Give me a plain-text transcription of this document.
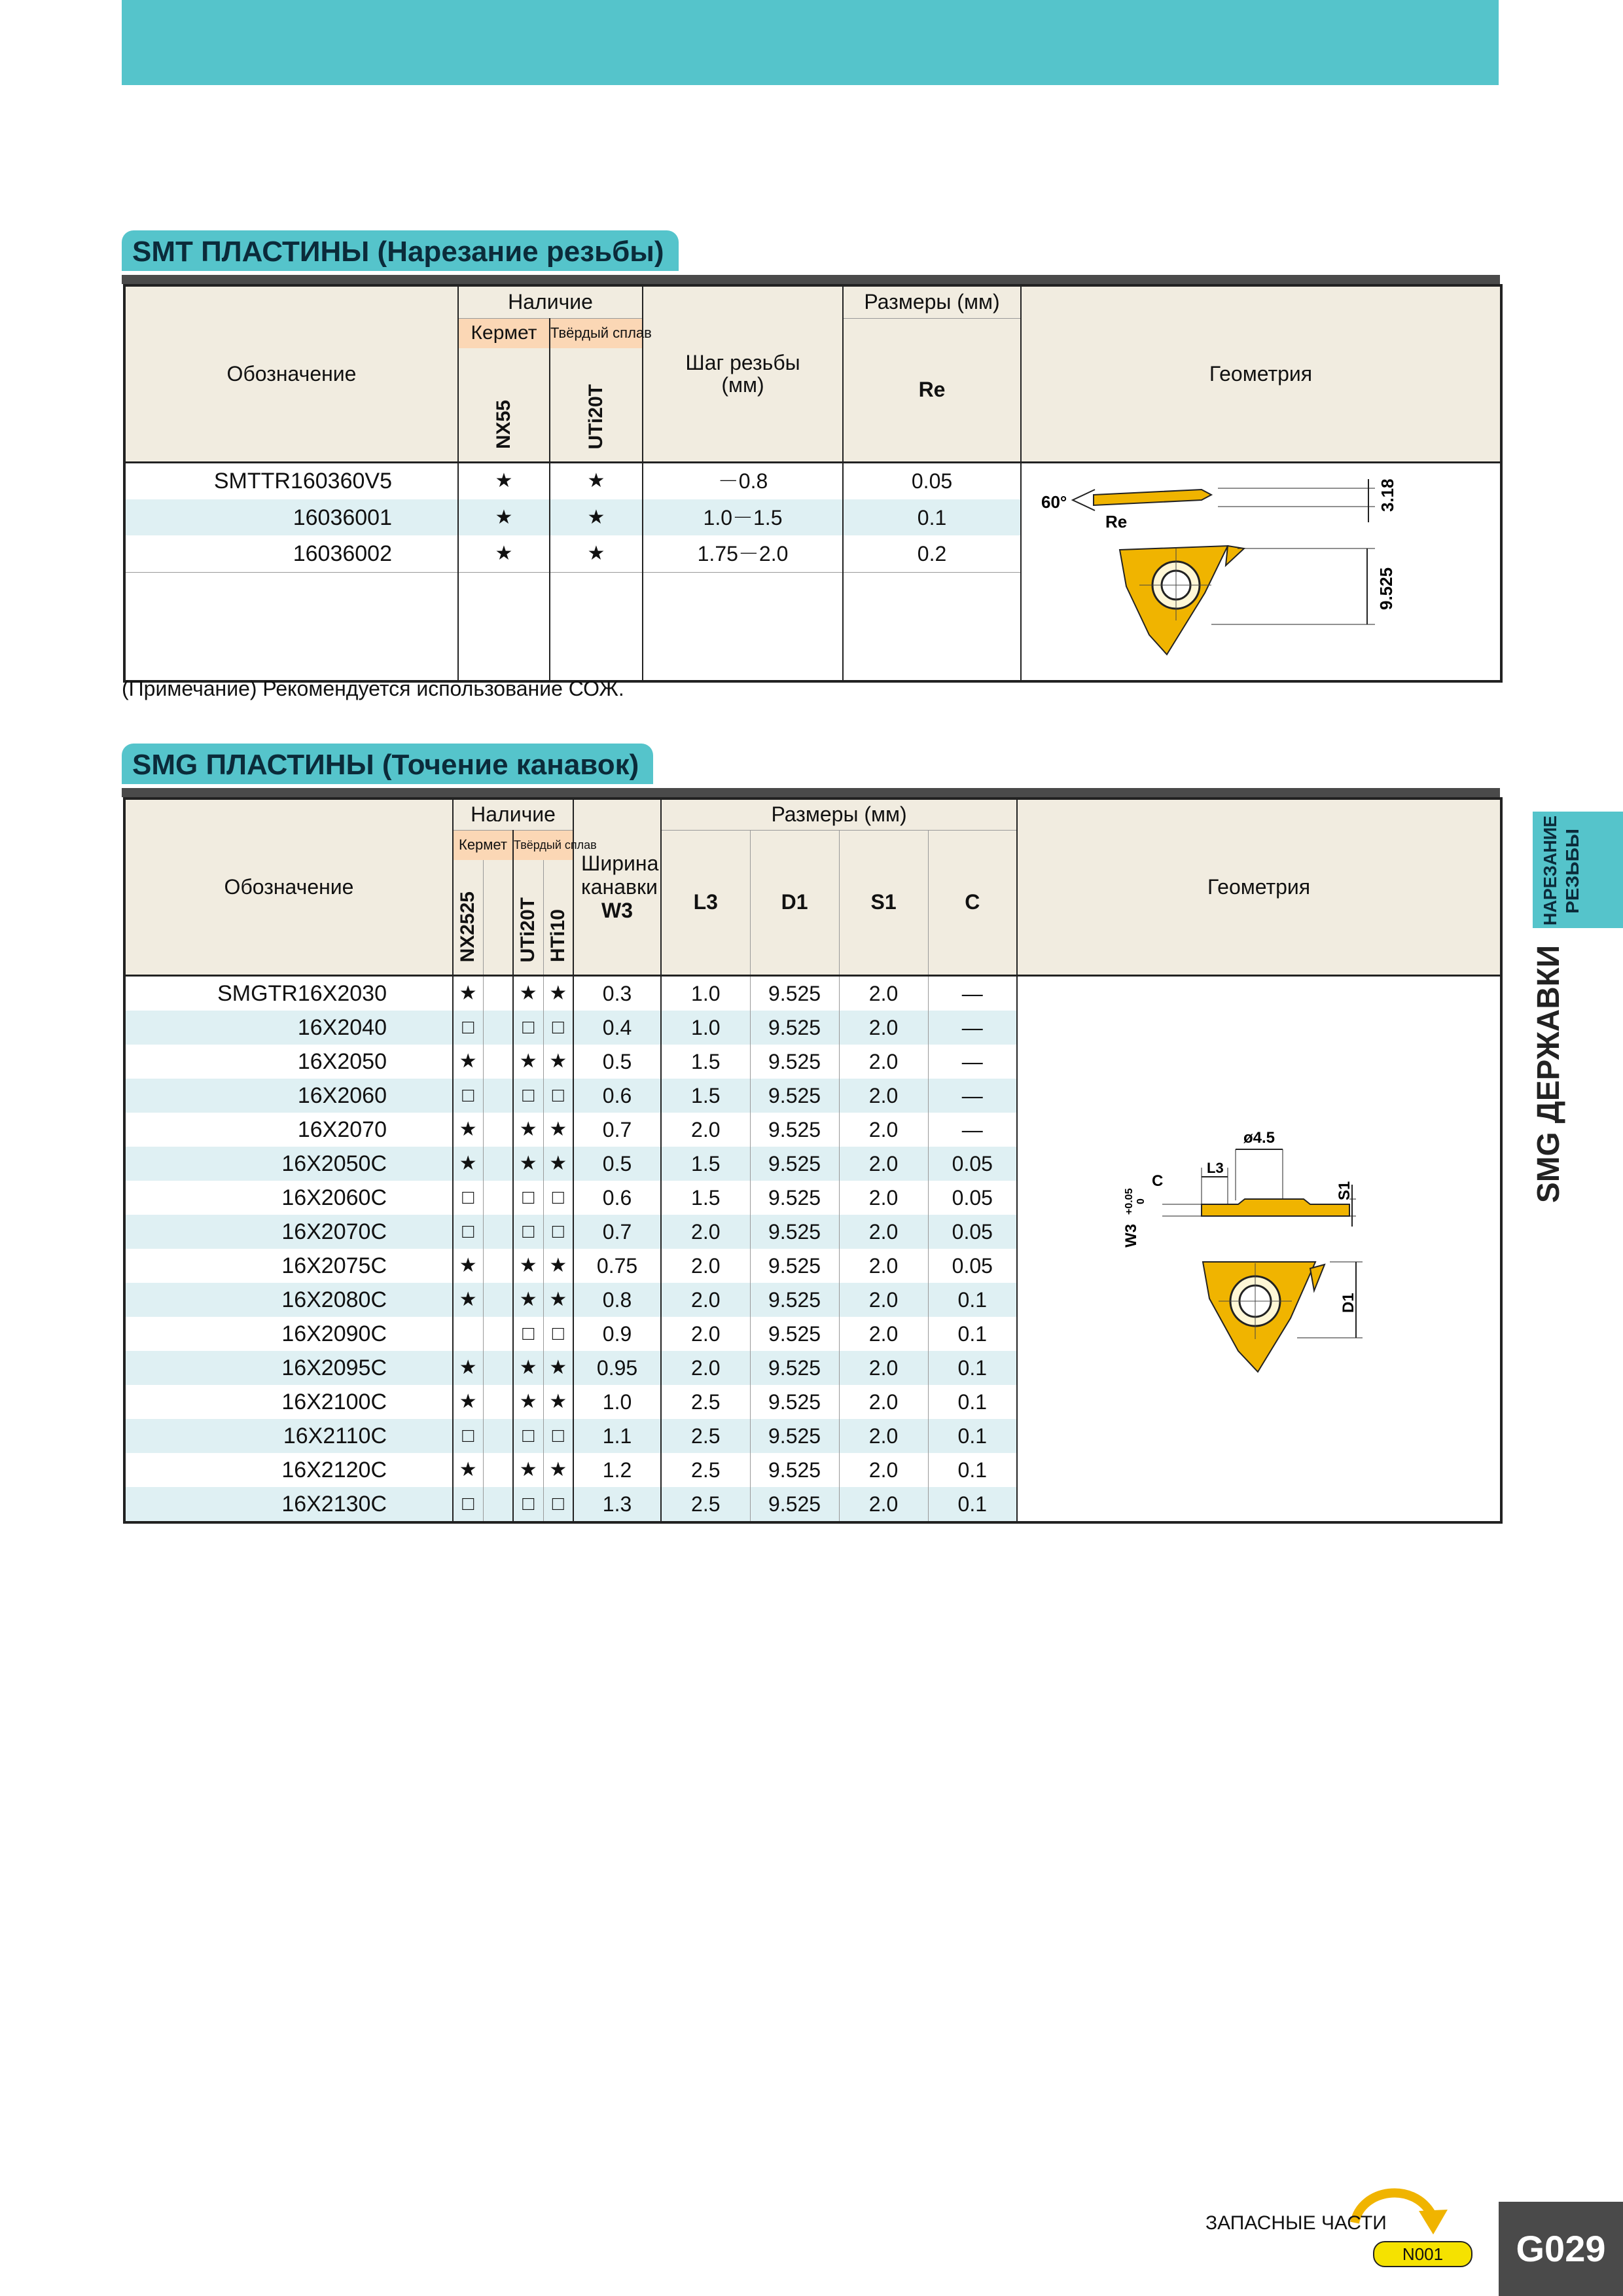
SMT ПЛАСТИНЫ (Нарезание резьбы)
Обозначение	Наличие		Шаг резьбы (мм)	Размеры (мм)	Геометрия
	Кермет	Твёрдый сплав		Re	
	NX55	UTi20T			
SMTTR160360V5	★	★	－0.8	0.05	60°
Re
3.18
9.525

16036001	★	★	1.0－1.5	0.1	
16036002	★	★	1.75－2.0	0.2	

(Примечание) Рекомендуется использование СОЖ.
SMG ПЛАСТИНЫ (Точение канавок)
Обозначение	Наличие				Ширина канавки
W3	Размеры (мм)				Геометрия
	Кермет		Твёрдый сплав			L3	D1	S1	C	
	NX2525		UTi20T	HTi10						
SMGTR16X2030	★		★	★	0.3	1.0	9.525	2.0	—	
16X2040	□		□	□	0.4	1.0	9.525	2.0	—	
16X2050	★		★	★	0.5	1.5	9.525	2.0	—	
16X2060	□		□	□	0.6	1.5	9.525	2.0	—	
16X2070	★		★	★	0.7	2.0	9.525	2.0	—	
16X2050C	★		★	★	0.5	1.5	9.525	2.0	0.05	
16X2060C	□		□	□	0.6	1.5	9.525	2.0	0.05	
16X2070C	□		□	□	0.7	2.0	9.525	2.0	0.05	
16X2075C	★		★	★	0.75	2.0	9.525	2.0	0.05	
16X2080C	★		★	★	0.8	2.0	9.525	2.0	0.1	
16X2090C			□	□	0.9	2.0	9.525	2.0	0.1	
16X2095C	★		★	★	0.95	2.0	9.525	2.0	0.1	
16X2100C	★		★	★	1.0	2.5	9.525	2.0	0.1	
16X2110C	□		□	□	1.1	2.5	9.525	2.0	0.1	
16X2120C	★		★	★	1.2	2.5	9.525	2.0	0.1	
16X2130C	□		□	□	1.3	2.5	9.525	2.0	0.1	
ø4.5
C
L3
S1
W3
+0.05 0
D1
НАРЕЗАНИЕ РЕЗЬБЫ
SMG ДЕРЖАВКИ
ЗАПАСНЫЕ ЧАСТИ
N001	G029
